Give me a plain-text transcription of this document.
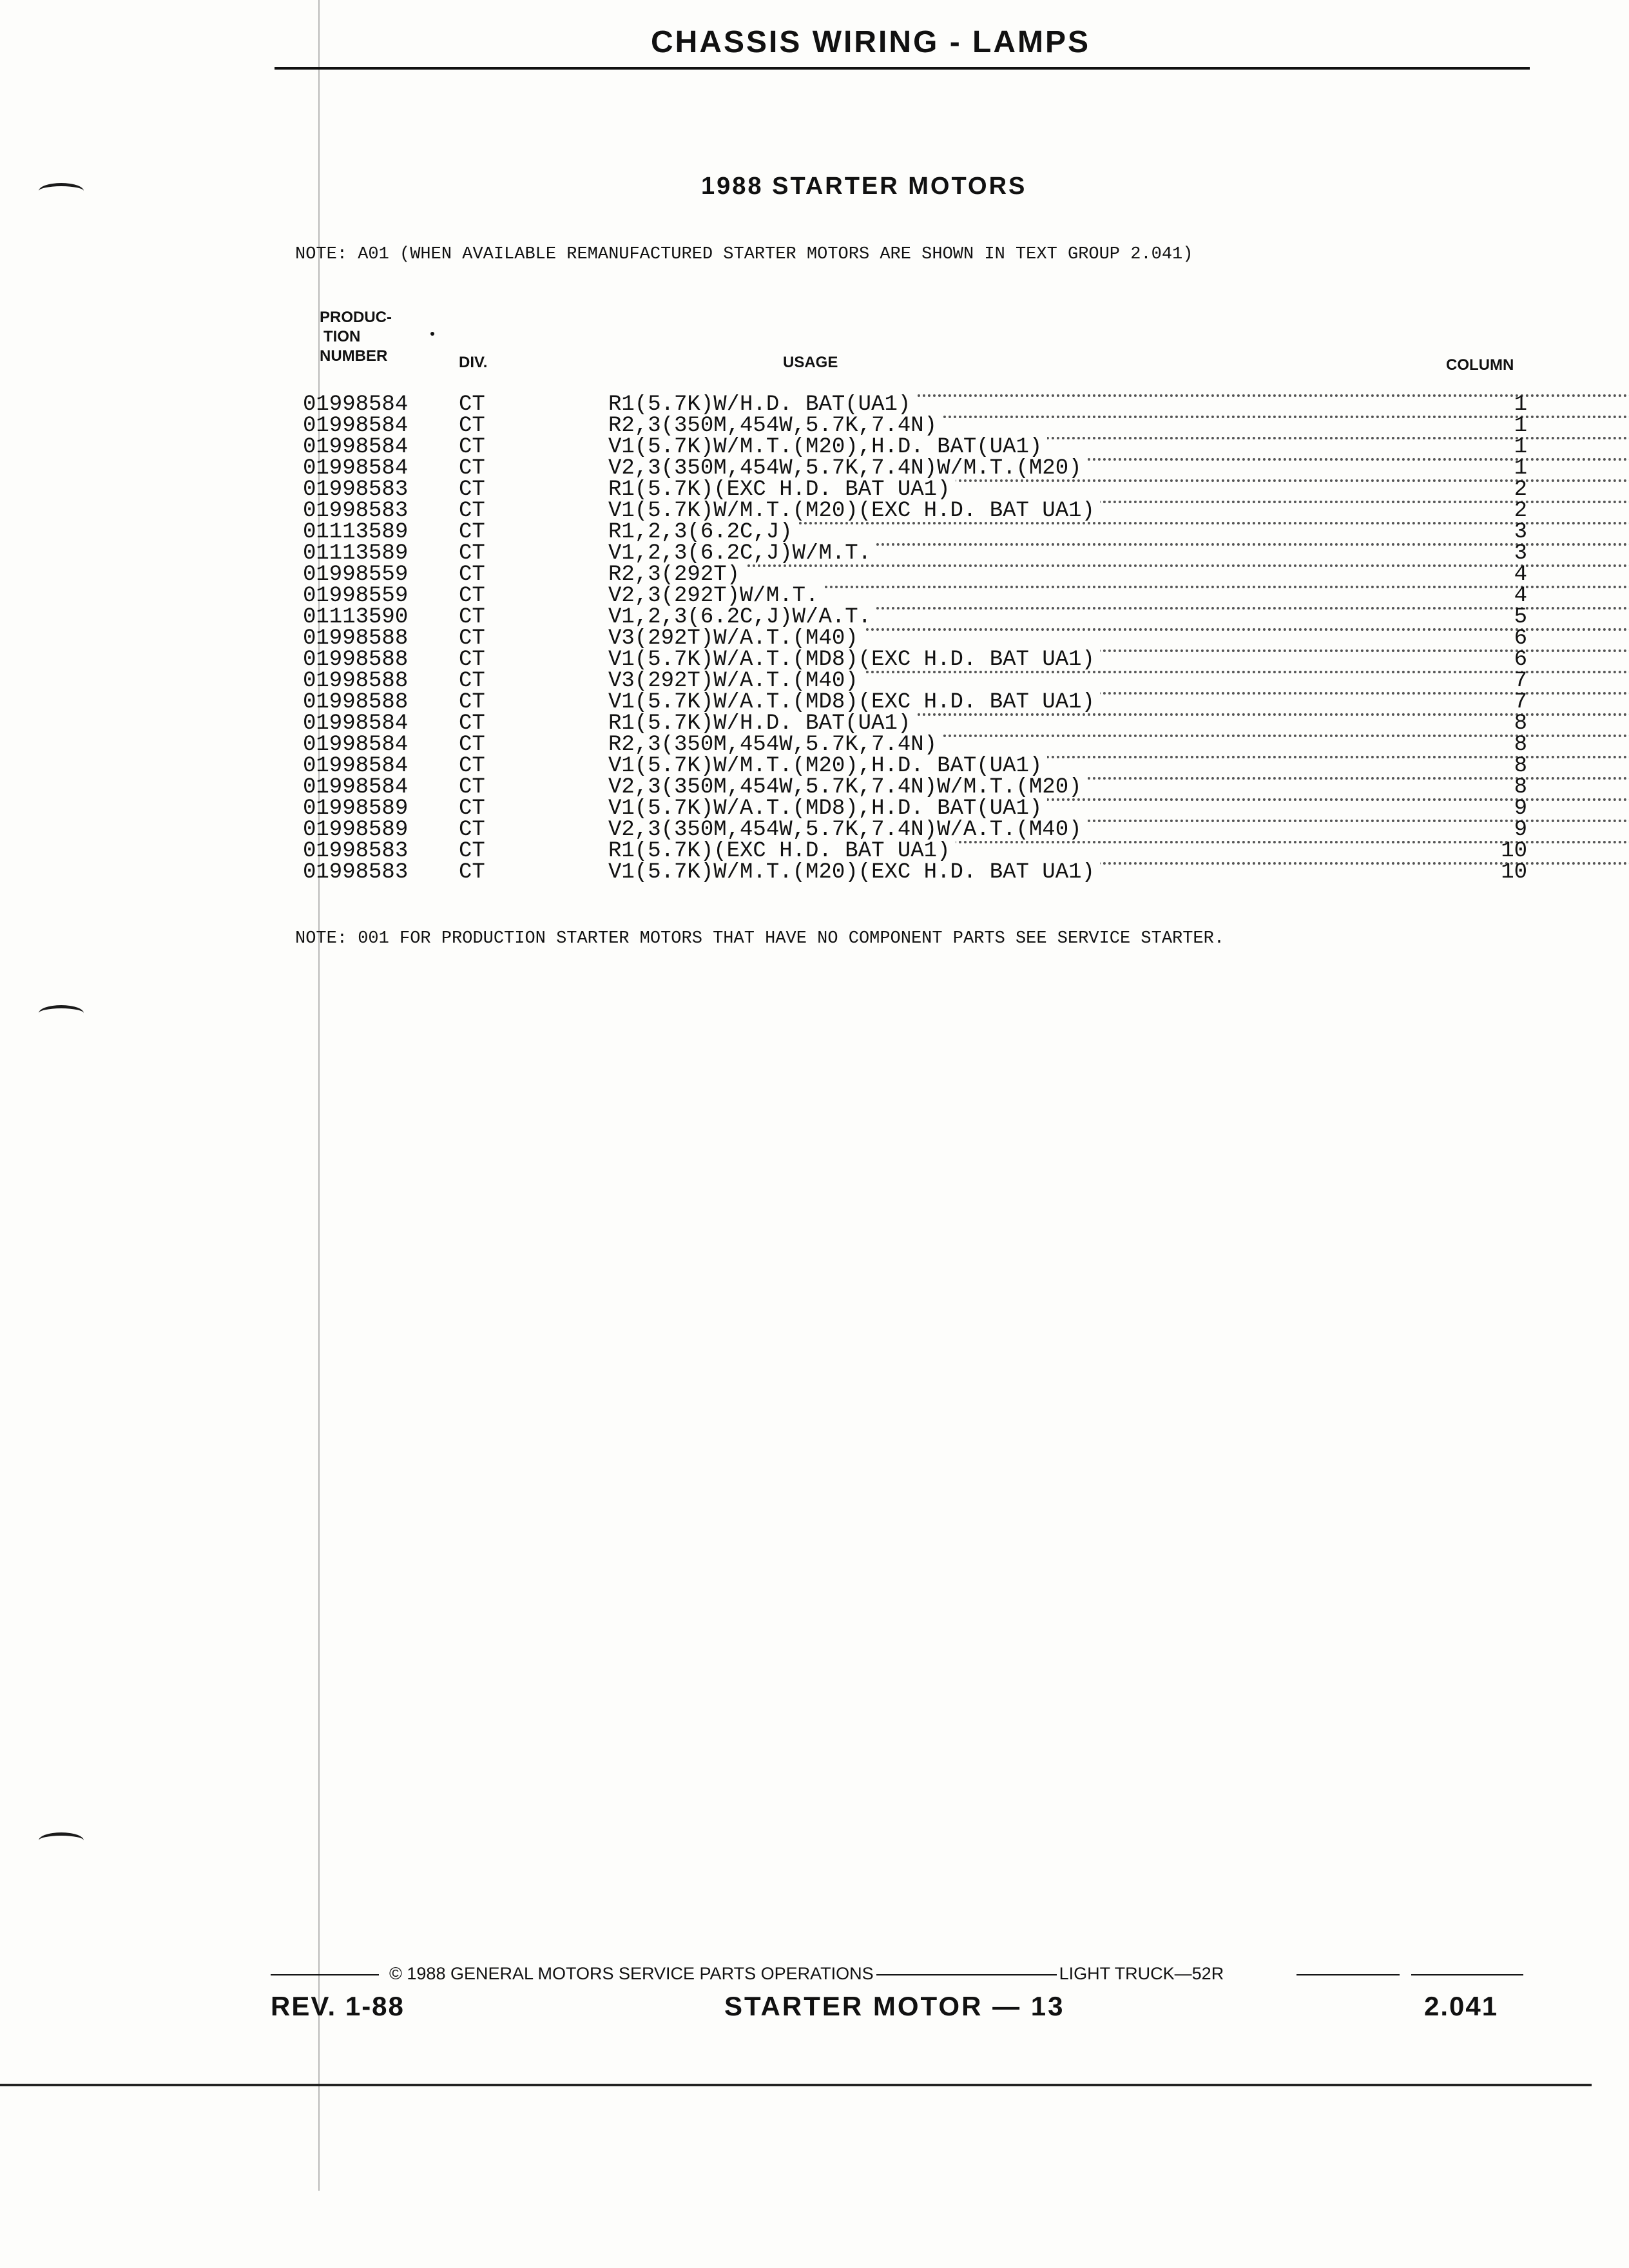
CHASSIS WIRING - LAMPS
1988 STARTER MOTORS
NOTE: A01 (WHEN AVAILABLE REMANUFACTURED STARTER MOTORS ARE SHOWN IN TEXT GROUP 2.041)
PRODUC-
TION
NUMBER	DIV.	USAGE	COLUMN
01998584 CT	R1(5.7K)W/H.D. BAT(UA1)	1
01998584 CT	R2,3(350M,454W,5.7K,7.4N)	1
01998584 CT	V1(5.7K)W/M.T.(M20),H.D. BAT(UA1)	1
01998584 CT	V2,3(350M,454W,5.7K,7.4N)W/M.T.(M20)	1
01998583 CT	R1(5.7K)(EXC H.D. BAT UA1)	2
01998583 CT	V1(5.7K)W/M.T.(M20)(EXC H.D. BAT UA1)	2
01113589 CT	R1,2,3(6.2C,J)	3
01113589 CT	V1,2,3(6.2C,J)W/M.T.	3
01998559 CT	R2,3(292T)	4
01998559 CT	V2,3(292T)W/M.T.	4
01113590 CT	V1,2,3(6.2C,J)W/A.T.	5
01998588 CT	V3(292T)W/A.T.(M40)	6
01998588 CT	V1(5.7K)W/A.T.(MD8)(EXC H.D. BAT UA1)	6
01998588 CT	V3(292T)W/A.T.(M40)	7
01998588 CT	V1(5.7K)W/A.T.(MD8)(EXC H.D. BAT UA1)	7
01998584 CT	R1(5.7K)W/H.D. BAT(UA1)	8
01998584 CT	R2,3(350M,454W,5.7K,7.4N)	8
01998584 CT	V1(5.7K)W/M.T.(M20),H.D. BAT(UA1)	8
01998584 CT	V2,3(350M,454W,5.7K,7.4N)W/M.T.(M20)	8
01998589 CT	V1(5.7K)W/A.T.(MD8),H.D. BAT(UA1)	9
01998589 CT	V2,3(350M,454W,5.7K,7.4N)W/A.T.(M40)	9
01998583 CT	R1(5.7K)(EXC H.D. BAT UA1)	10
01998583 CT	V1(5.7K)W/M.T.(M20)(EXC H.D. BAT UA1)	10
NOTE: 001 FOR PRODUCTION STARTER MOTORS THAT HAVE NO COMPONENT PARTS SEE SERVICE STARTER.
© 1988 GENERAL MOTORS SERVICE PARTS OPERATIONS	LIGHT TRUCK—52R
REV. 1-88	STARTER MOTOR — 13	2.041
